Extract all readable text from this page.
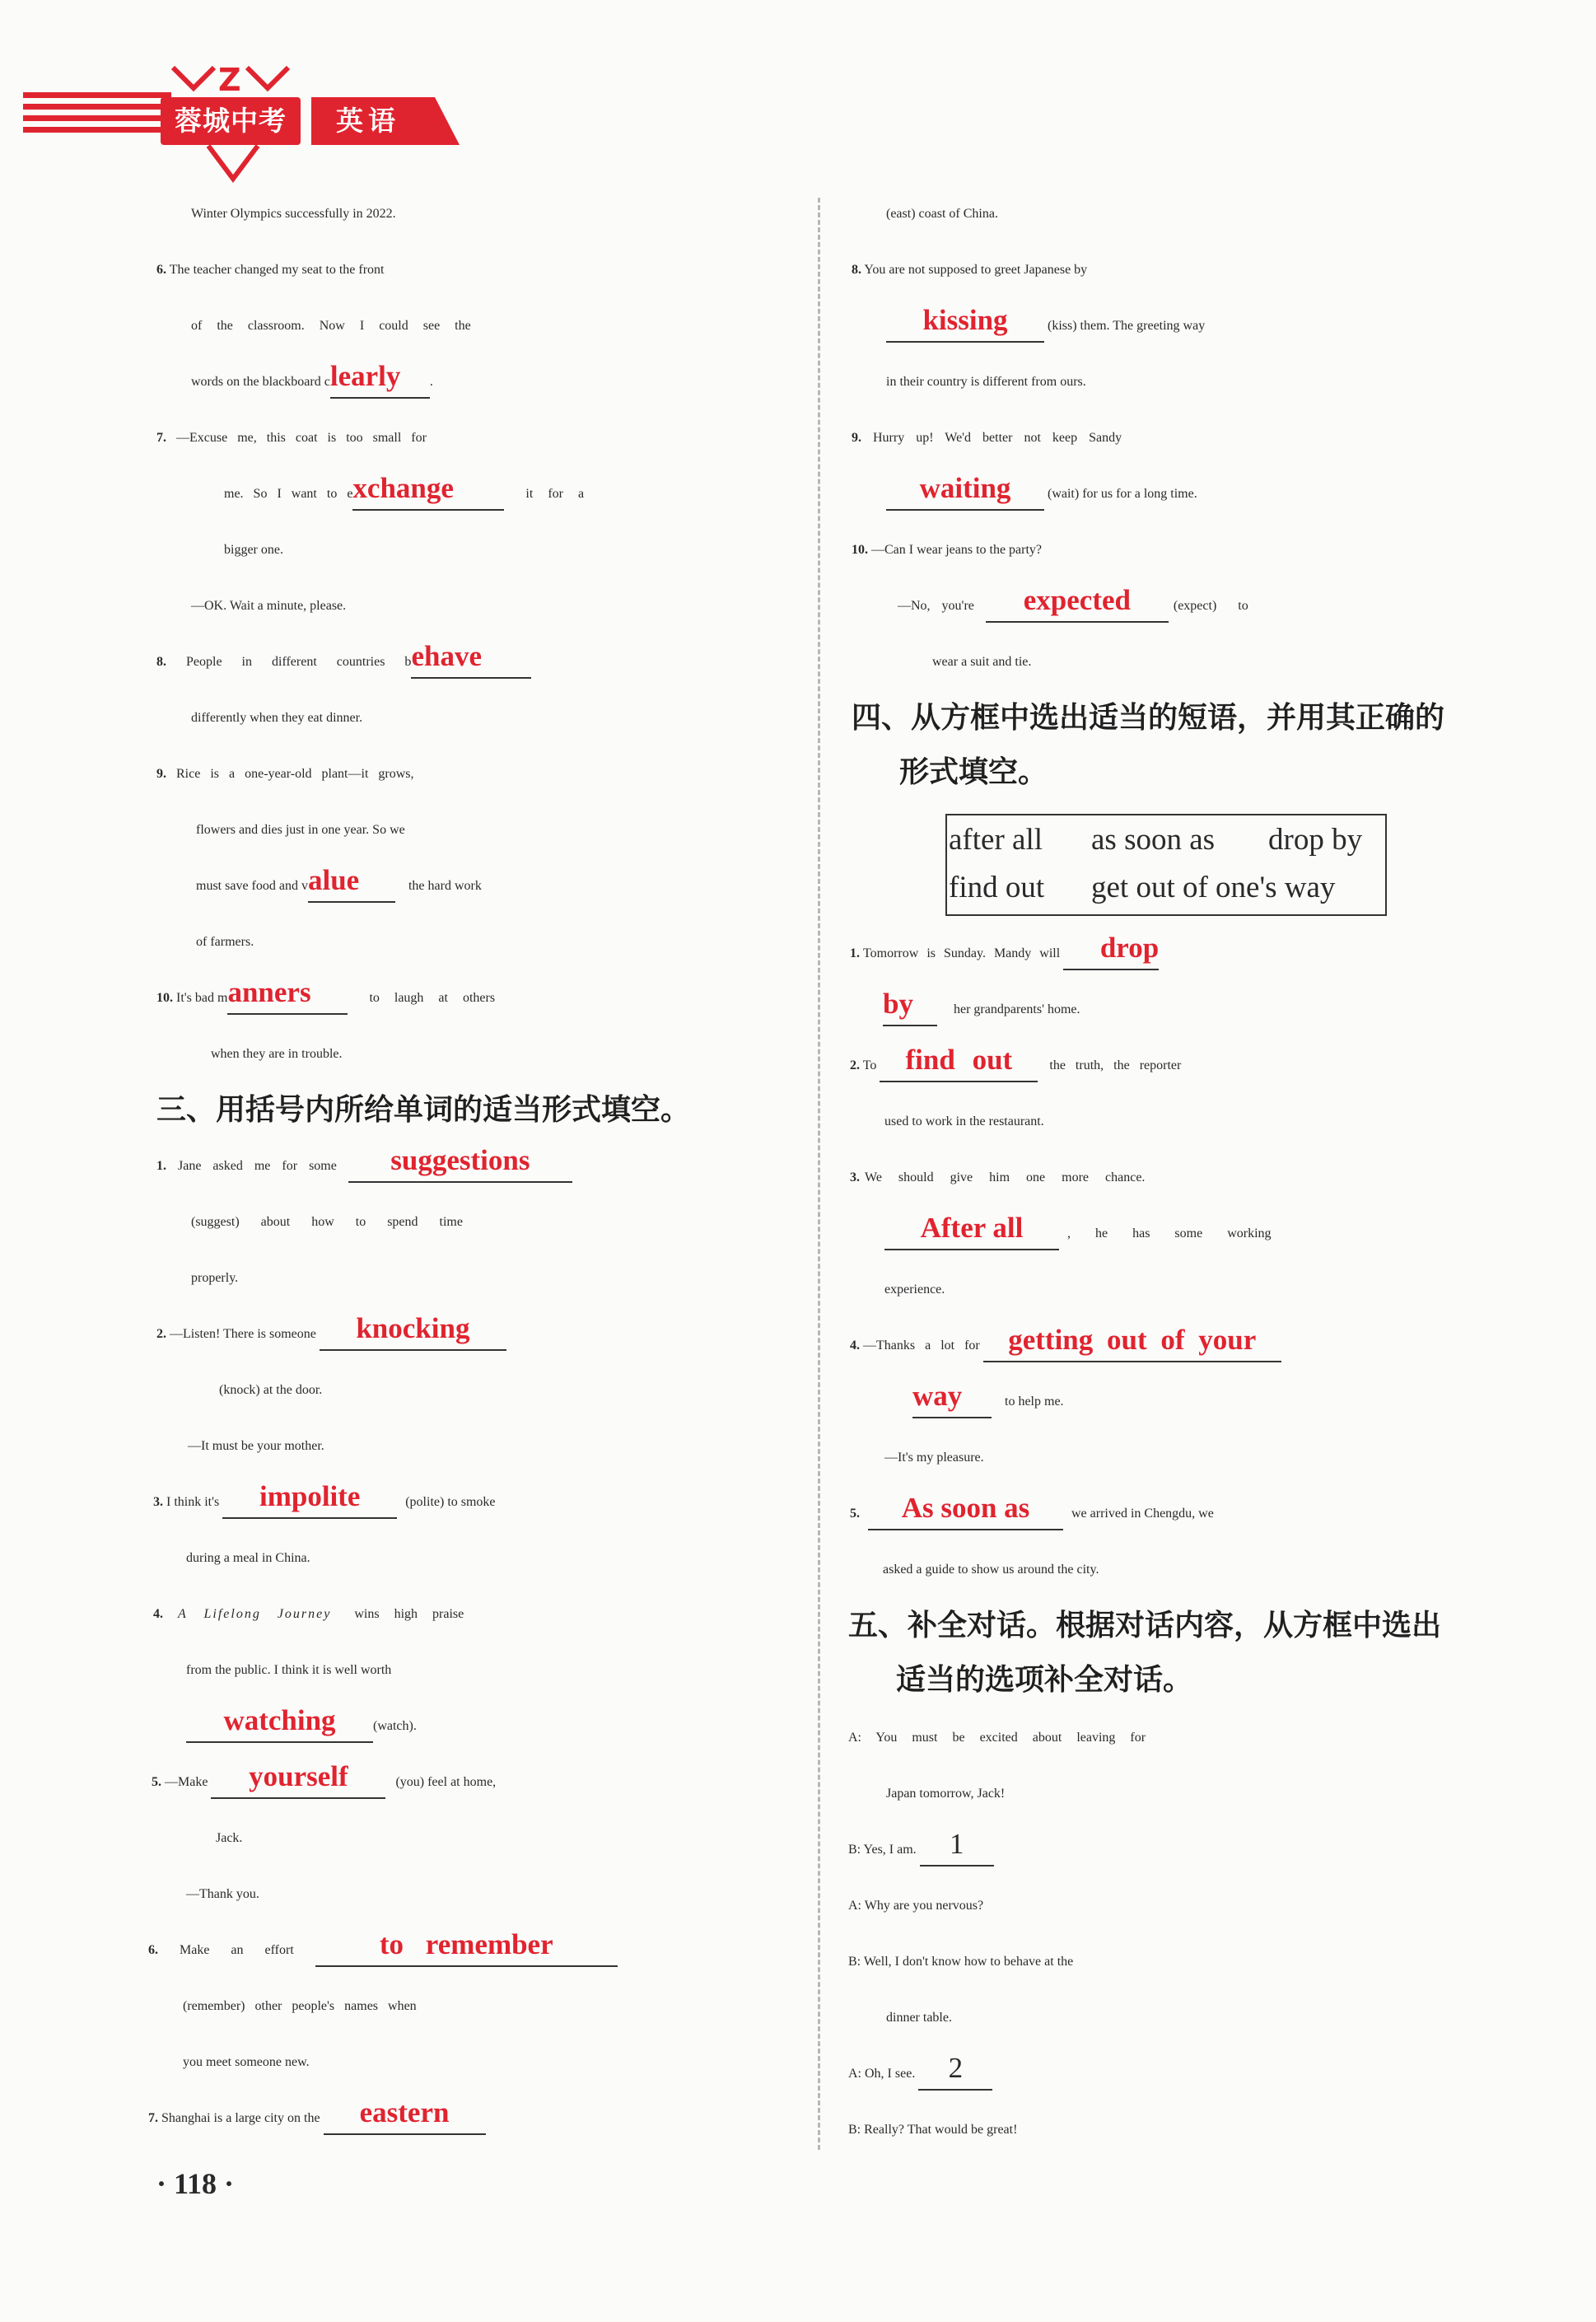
Z
蓉城中考	英语
Winter Olympics successfully in 2022.
6. The teacher changed my seat to the front
of the classroom. Now I could see the
words on the blackboard clearly .
7. —Excuse me, this coat is too small for
me. So I want to exchange	it for a
bigger one.
—OK. Wait a minute, please.
8. People in different countries behave
differently when they eat dinner.
9. Rice is a one-year-old plant—it grows,
flowers and dies just in one year. So we
must save food and value	the hard work
of farmers.
10. It's bad manners	to laugh at others
when they are in trouble.
三、用括号内所给单词的适当形式填空。
1. Jane asked me for some suggestions
(suggest) about how to spend time
properly.
2. —Listen! There is someone knocking
(knock) at the door.
—It must be your mother.
3. I think it's impolite	(polite) to smoke
during a meal in China.
4. A Lifelong Journey wins high praise
from the public. I think it is well worth
watching	(watch).
5. —Make yourself	(you) feel at home,
Jack.
—Thank you.
6. Make an effort	to remember
(remember) other people's names when
you meet someone new.
7. Shanghai is a large city on the eastern
(east) coast of China.
8. You are not supposed to greet Japanese by
kissing	(kiss) them. The greeting way
in their country is different from ours.
9. Hurry up! We'd better not keep Sandy
waiting	(wait) for us for a long time.
10. —Can I wear jeans to the party?
—No, you're expected	(expect) to
wear a suit and tie.
四、从方框中选出适当的短语，并用其正确的
形式填空。
after all as soon as drop by
find out get out of one's way
1. Tomorrow is Sunday. Mandy will drop
by	her grandparents' home.
2. To find out	the truth, the reporter
used to work in the restaurant.
3. We should give him one more chance.
After all	, he has some working
experience.
4. —Thanks a lot for getting out of your
way	to help me.
—It's my pleasure.
5. As soon as	we arrived in Chengdu, we
asked a guide to show us around the city.
五、补全对话。根据对话内容，从方框中选出
适当的选项补全对话。
A: You must be excited about leaving for
Japan tomorrow, Jack!
B: Yes, I am. 1
A: Why are you nervous?
B: Well, I don't know how to behave at the
dinner table.
A: Oh, I see. 2
B: Really? That would be great!
· 118 ·
